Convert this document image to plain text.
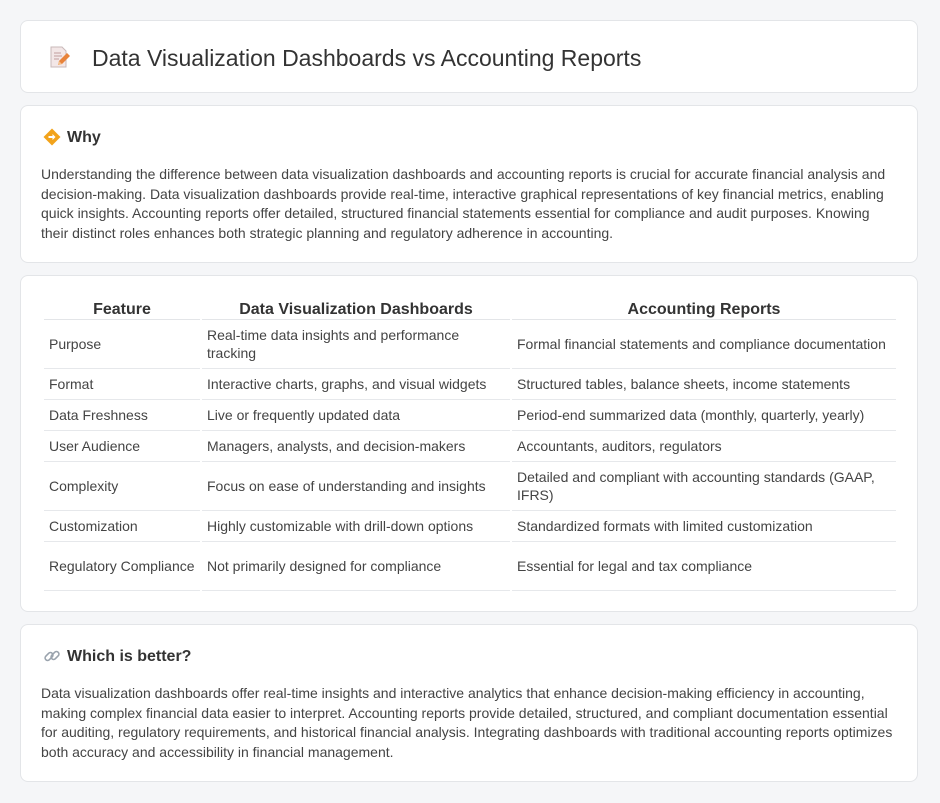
Data Visualization Dashboards vs Accounting Reports
Why

Understanding the difference between data visualization dashboards and accounting reports is crucial for accurate financial analysis and decision-making. Data visualization dashboards provide real-time, interactive graphical representations of key financial metrics, enabling quick insights. Accounting reports offer detailed, structured financial statements essential for compliance and audit purposes. Knowing their distinct roles enhances both strategic planning and regulatory adherence in accounting.

Feature	Data Visualization Dashboards	Accounting Reports
Purpose	Real-time data insights and performance tracking	Formal financial statements and compliance documentation
Format	Interactive charts, graphs, and visual widgets	Structured tables, balance sheets, income statements
Data Freshness	Live or frequently updated data	Period-end summarized data (monthly, quarterly, yearly)
User Audience	Managers, analysts, and decision-makers	Accountants, auditors, regulators
Complexity	Focus on ease of understanding and insights	Detailed and compliant with accounting standards (GAAP, IFRS)
Customization	Highly customizable with drill-down options	Standardized formats with limited customization
Regulatory Compliance	Not primarily designed for compliance	Essential for legal and tax compliance
Which is better?

Data visualization dashboards offer real-time insights and interactive analytics that enhance decision-making efficiency in accounting, making complex financial data easier to interpret. Accounting reports provide detailed, structured, and compliant documentation essential for auditing, regulatory requirements, and historical financial analysis. Integrating dashboards with traditional accounting reports optimizes both accuracy and accessibility in financial management.
